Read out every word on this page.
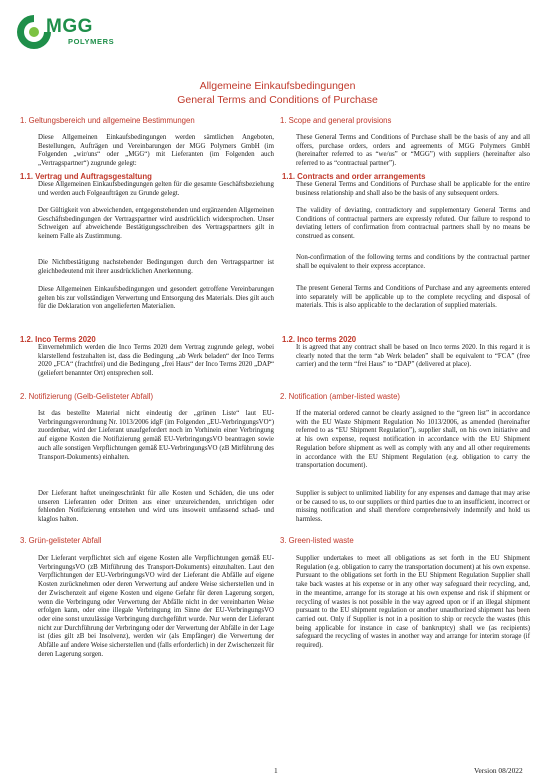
MGG
POLYMERS
Allgemeine Einkaufsbedingungen
General Terms and Conditions of Purchase
1. Geltungsbereich und allgemeine Bestimmungen	1. Scope and general provisions

Diese Allgemeinen Einkaufsbedingungen werden sämtlichen Angeboten, Bestellungen, Aufträgen und Vereinbarungen der MGG Polymers GmbH (im Folgenden „wir/uns“ oder „MGG“) mit Lieferanten (im Folgenden auch „Vertragspartner“) zugrunde gelegt:

These General Terms and Conditions of Purchase shall be the basis of any and all offers, purchase orders, orders and agreements of MGG Polymers GmbH (hereinafter referred to as “we/us” or “MGG”) with suppliers (hereinafter also referred to as “contractual partner”).

1.1. Vertrag und Auftragsgestaltung	1.1. Contracts and order arrangements

Diese Allgemeinen Einkaufsbedingungen gelten für die gesamte Geschäftsbeziehung und werden auch Folgeaufträgen zu Grunde gelegt.

Der Gültigkeit von abweichenden, entgegenstehenden und ergänzenden Allgemeinen Geschäftsbedingungen der Vertragspartner wird ausdrücklich widersprochen. Unser Schweigen auf abweichende Bestätigungsschreiben des Vertragspartners gilt in keinem Falle als Zustimmung.

Die Nichtbestätigung nachstehender Bedingungen durch den Vertragspartner ist gleichbedeutend mit ihrer ausdrücklichen Anerkennung.

Diese Allgemeinen Einkaufsbedingungen und gesondert getroffene Vereinbarungen gelten bis zur vollständigen Verwertung und Entsorgung des Materials. Dies gilt auch für die Deklaration von angelieferten Materialien.

These General Terms and Conditions of Purchase shall be applicable for the entire business relationship and shall also be the basis of any subsequent orders.

The validity of deviating, contradictory and supplementary General Terms and Conditions of contractual partners are expressly refuted. Our failure to respond to deviating letters of confirmation from contractual partners shall by no means be construed as consent.

Non-confirmation of the following terms and conditions by the contractual partner shall be equivalent to their express acceptance.

The present General Terms and Conditions of Purchase and any agreements entered into separately will be applicable up to the complete recycling and disposal of materials. This is also applicable to the declaration of supplied materials.

1.2. Inco Terms 2020	1.2. Inco terms 2020

Einvernehmlich werden die Inco Terms 2020 dem Vertrag zugrunde gelegt, wobei klarstellend festzuhalten ist, dass die Bedingung „ab Werk beladen“ der Inco Terms 2020 „FCA“ (frachtfrei) und die Bedingung „frei Haus“ der Inco Terms 2020 „DAP“ (geliefert benannter Ort) entsprechen soll.

It is agreed that any contract shall be based on Inco terms 2020. In this regard it is clearly noted that the term “ab Werk beladen” shall be equivalent to “FCA” (free carrier) and the term “frei Haus” to “DAP” (delivered at place).

2. Notifizierung (Gelb-Gelisteter Abfall)	2. Notification (amber-listed waste)

Ist das bestellte Material nicht eindeutig der „grünen Liste“ laut EU-Verbringungsverordnung Nr. 1013/2006 idgF (im Folgenden „EU-VerbringungsVO“) zuordenbar, wird der Lieferant unaufgefordert noch im Vorhinein einer Verbringung auf eigene Kosten die Notifizierung gemäß EU-VerbringungsVO beantragen sowie auch alle sonstigen Verpflichtungen gemäß EU-VerbringungsVO (zB Mitführung des Transport-Dokuments) einhalten.

Der Lieferant haftet uneingeschränkt für alle Kosten und Schäden, die uns oder unseren Lieferanten oder Dritten aus einer unzureichenden, unrichtigen oder fehlenden Notifizierung entstehen und wird uns insoweit umfassend schad- und klaglos halten.

If the material ordered cannot be clearly assigned to the “green list” in accordance with the EU Waste Shipment Regulation No 1013/2006, as amended (hereinafter referred to as “EU Shipment Regulation”), supplier shall, on his own initiative and at his own expense, request notification in accordance with the EU Shipment Regulation before shipment as well as comply with any and all other requirements in accordance with the EU Shipment Regulation (e.g. obligation to carry the transportation document).

Supplier is subject to unlimited liability for any expenses and damage that may arise or be caused to us, to our suppliers or third parties due to an insufficient, incorrect or missing notification and shall therefore comprehensively indemnify and hold us harmless.

3. Grün-gelisteter Abfall	3. Green-listed waste

Der Lieferant verpflichtet sich auf eigene Kosten alle Verpflichtungen gemäß EU-VerbringungsVO (zB Mitführung des Transport-Dokuments) einzuhalten. Laut den Verpflichtungen der EU-VerbringungsVO wird der Lieferant die Abfälle auf eigene Kosten zurücknehmen oder deren Verwertung auf andere Weise sicherstellen und in der Zwischenzeit auf eigene Kosten und eigene Gefahr für deren Lagerung sorgen, wenn die Verbringung oder Verwertung der Abfälle nicht in der vereinbarten Weise erfolgen kann, oder eine illegale Verbringung im Sinne der EU-VerbringungsVO oder eine sonst unzulässige Verbringung durchgeführt wurde. Nur wenn der Lieferant nicht zur Durchführung der Verbringung oder der Verwertung der Abfälle in der Lage ist (dies gilt zB bei Insolvenz), werden wir (als Empfänger) die Verwertung der Abfälle auf andere Weise sicherstellen und (falls erforderlich) in der Zwischenzeit für deren Lagerung sorgen.

Supplier undertakes to meet all obligations as set forth in the EU Shipment Regulation (e.g. obligation to carry the transportation document) at his own expense. Pursuant to the obligations set forth in the EU Shipment Regulation Supplier shall take back wastes at his expense or in any other way safeguard their recycling, and, in the meantime, arrange for its storage at his own expense and risk if shipment or recycling of wastes is not possible in the way agreed upon or if an illegal shipment pursuant to the EU shipment regulation or another unauthorized shipment has been carried out. Only if Supplier is not in a position to ship or recycle the wastes (this being applicable for instance in case of bankruptcy) shall we (as recipients) safeguard the recycling of wastes in another way and arrange for interim storage (if required).

1	Version 08/2022
